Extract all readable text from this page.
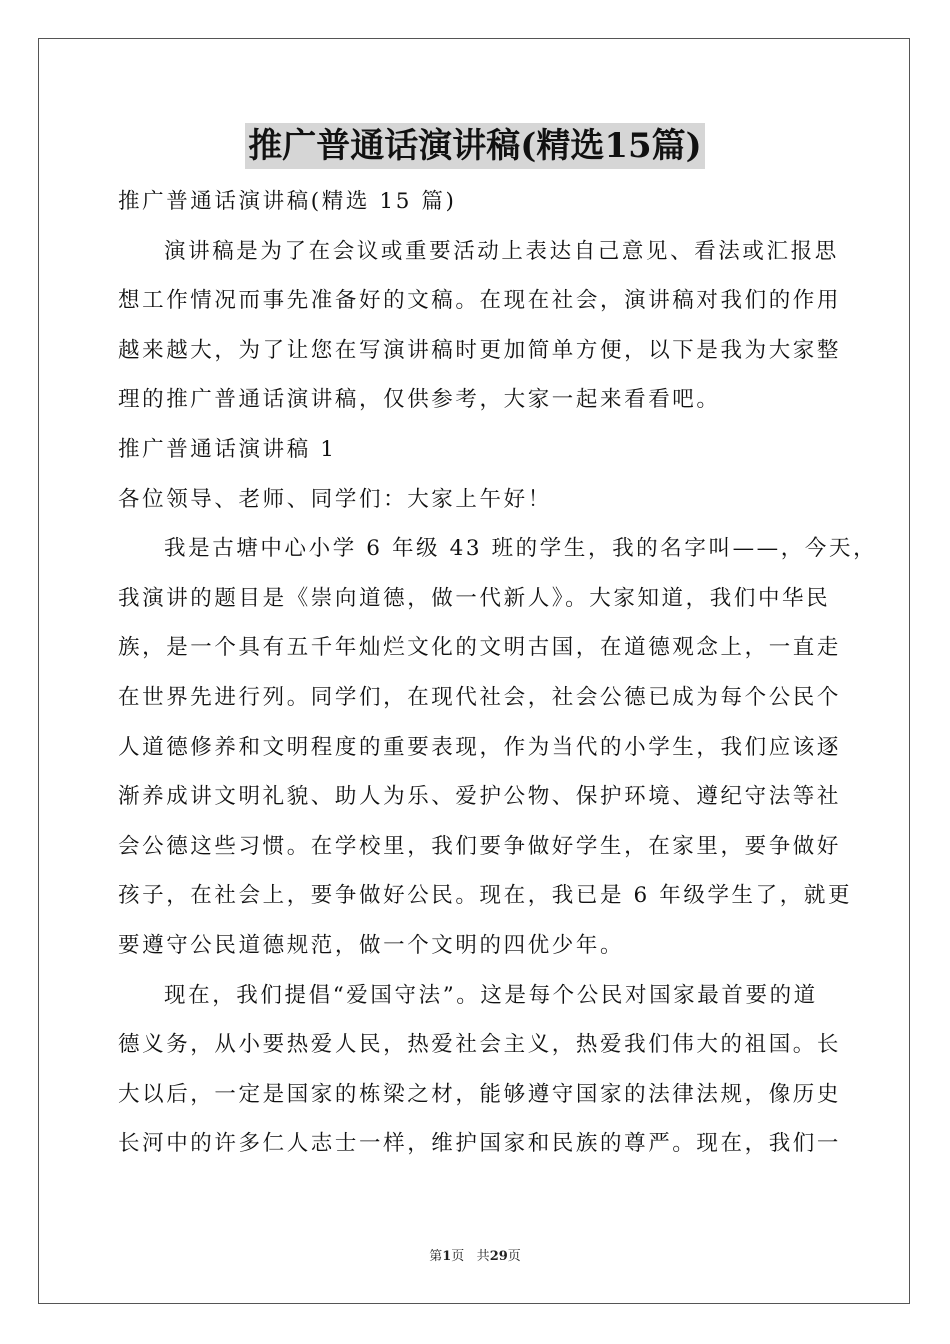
推广普通话演讲稿(精选15篇)
推广普通话演讲稿(精选 15 篇)
演讲稿是为了在会议或重要活动上表达自己意见、看法或汇报思
想工作情况而事先准备好的文稿。在现在社会，演讲稿对我们的作用
越来越大，为了让您在写演讲稿时更加简单方便，以下是我为大家整
理的推广普通话演讲稿，仅供参考，大家一起来看看吧。
推广普通话演讲稿 1
各位领导、老师、同学们：大家上午好！
我是古塘中心小学 6 年级 43 班的学生，我的名字叫——，今天，
我演讲的题目是《崇向道德，做一代新人》。大家知道，我们中华民
族，是一个具有五千年灿烂文化的文明古国，在道德观念上，一直走
在世界先进行列。同学们，在现代社会，社会公德已成为每个公民个
人道德修养和文明程度的重要表现，作为当代的小学生，我们应该逐
渐养成讲文明礼貌、助人为乐、爱护公物、保护环境、遵纪守法等社
会公德这些习惯。在学校里，我们要争做好学生，在家里，要争做好
孩子，在社会上，要争做好公民。现在，我已是 6 年级学生了，就更
要遵守公民道德规范，做一个文明的四优少年。
现在，我们提倡“爱国守法”。这是每个公民对国家最首要的道
德义务，从小要热爱人民，热爱社会主义，热爱我们伟大的祖国。长
大以后，一定是国家的栋梁之材，能够遵守国家的法律法规，像历史
长河中的许多仁人志士一样，维护国家和民族的尊严。现在，我们一
第1页 共29页
